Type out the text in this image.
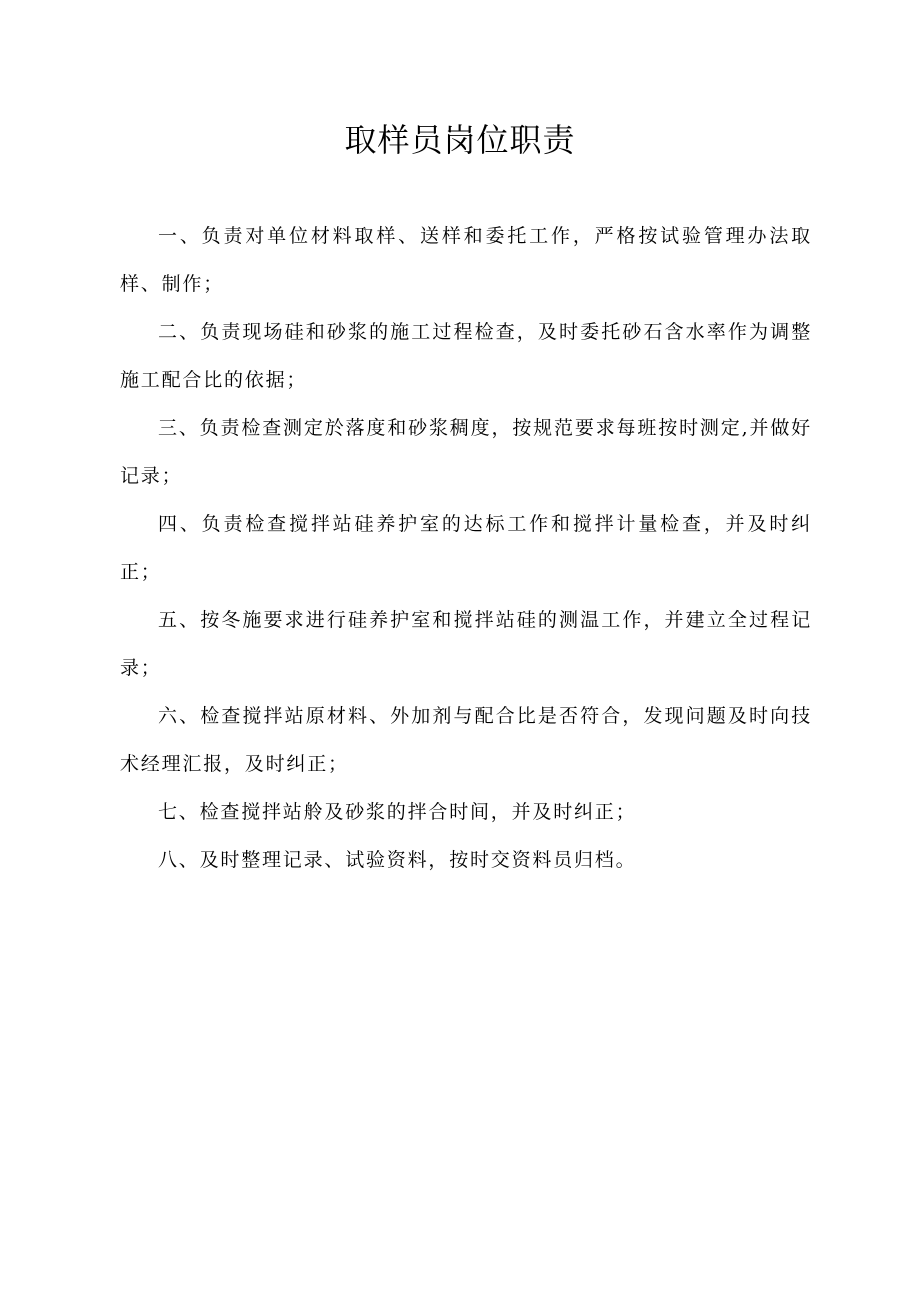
取样员岗位职责

一、负责对单位材料取样、送样和委托工作，严格按试验管理办法取样、制作；

二、负责现场硅和砂浆的施工过程检查，及时委托砂石含水率作为调整施工配合比的依据；

三、负责检查测定於落度和砂浆稠度，按规范要求每班按时测定,并做好记录；

四、负责检查搅拌站硅养护室的达标工作和搅拌计量检查，并及时纠正；

五、按冬施要求进行硅养护室和搅拌站硅的测温工作，并建立全过程记录；

六、检查搅拌站原材料、外加剂与配合比是否符合，发现问题及时向技术经理汇报，及时纠正；

七、检查搅拌站舲及砂浆的拌合时间，并及时纠正；

八、及时整理记录、试验资料，按时交资料员归档。
